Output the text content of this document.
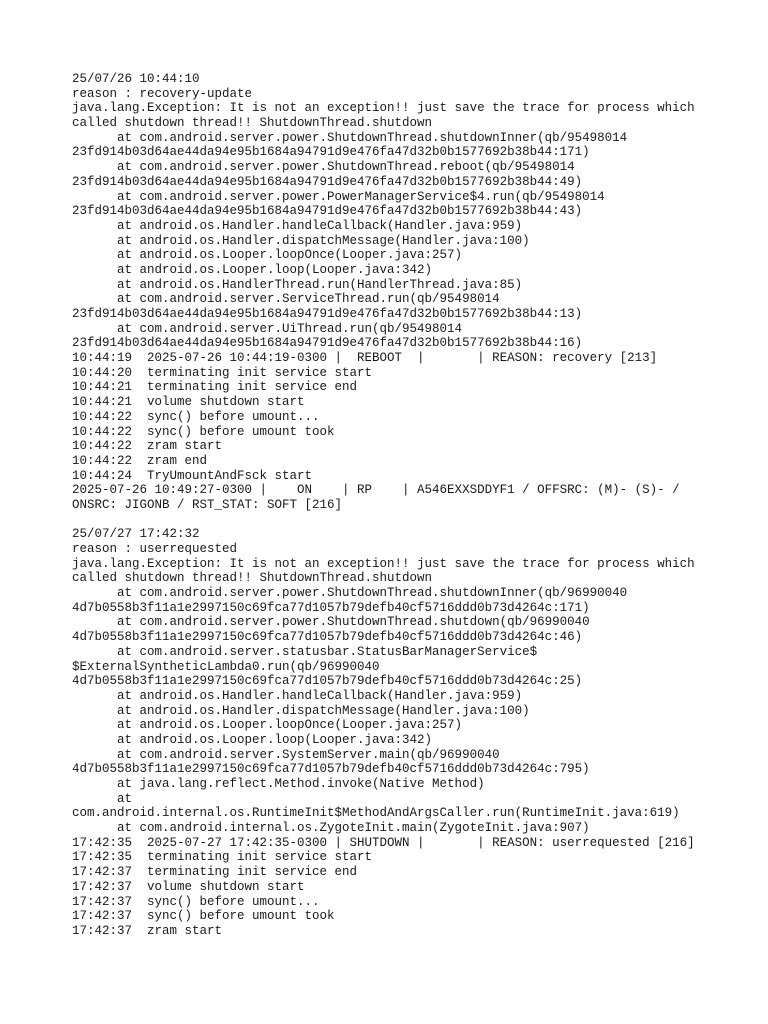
25/07/26 10:44:10
reason : recovery-update
java.lang.Exception: It is not an exception!! just save the trace for process which
called shutdown thread!! ShutdownThread.shutdown
at com.android.server.power.ShutdownThread.shutdownInner(qb/95498014
23fd914b03d64ae44da94e95b1684a94791d9e476fa47d32b0b1577692b38b44:171)
at com.android.server.power.ShutdownThread.reboot(qb/95498014
23fd914b03d64ae44da94e95b1684a94791d9e476fa47d32b0b1577692b38b44:49)
at com.android.server.power.PowerManagerService$4.run(qb/95498014
23fd914b03d64ae44da94e95b1684a94791d9e476fa47d32b0b1577692b38b44:43)
at android.os.Handler.handleCallback(Handler.java:959)
at android.os.Handler.dispatchMessage(Handler.java:100)
at android.os.Looper.loopOnce(Looper.java:257)
at android.os.Looper.loop(Looper.java:342)
at android.os.HandlerThread.run(HandlerThread.java:85)
at com.android.server.ServiceThread.run(qb/95498014
23fd914b03d64ae44da94e95b1684a94791d9e476fa47d32b0b1577692b38b44:13)
at com.android.server.UiThread.run(qb/95498014
23fd914b03d64ae44da94e95b1684a94791d9e476fa47d32b0b1577692b38b44:16)
10:44:19  2025-07-26 10:44:19-0300 |  REBOOT  |       | REASON: recovery [213]
10:44:20  terminating init service start
10:44:21  terminating init service end
10:44:21  volume shutdown start
10:44:22  sync() before umount...
10:44:22  sync() before umount took
10:44:22  zram start
10:44:22  zram end
10:44:24  TryUmountAndFsck start
2025-07-26 10:49:27-0300 |    ON    | RP    | A546EXXSDDYF1 / OFFSRC: (M)- (S)- /
ONSRC: JIGONB / RST_STAT: SOFT [216]
25/07/27 17:42:32
reason : userrequested
java.lang.Exception: It is not an exception!! just save the trace for process which
called shutdown thread!! ShutdownThread.shutdown
at com.android.server.power.ShutdownThread.shutdownInner(qb/96990040
4d7b0558b3f11a1e2997150c69fca77d1057b79defb40cf5716ddd0b73d4264c:171)
at com.android.server.power.ShutdownThread.shutdown(qb/96990040
4d7b0558b3f11a1e2997150c69fca77d1057b79defb40cf5716ddd0b73d4264c:46)
at com.android.server.statusbar.StatusBarManagerService$
$ExternalSyntheticLambda0.run(qb/96990040
4d7b0558b3f11a1e2997150c69fca77d1057b79defb40cf5716ddd0b73d4264c:25)
at android.os.Handler.handleCallback(Handler.java:959)
at android.os.Handler.dispatchMessage(Handler.java:100)
at android.os.Looper.loopOnce(Looper.java:257)
at android.os.Looper.loop(Looper.java:342)
at com.android.server.SystemServer.main(qb/96990040
4d7b0558b3f11a1e2997150c69fca77d1057b79defb40cf5716ddd0b73d4264c:795)
at java.lang.reflect.Method.invoke(Native Method)
at
com.android.internal.os.RuntimeInit$MethodAndArgsCaller.run(RuntimeInit.java:619)
at com.android.internal.os.ZygoteInit.main(ZygoteInit.java:907)
17:42:35  2025-07-27 17:42:35-0300 | SHUTDOWN |       | REASON: userrequested [216]
17:42:35  terminating init service start
17:42:37  terminating init service end
17:42:37  volume shutdown start
17:42:37  sync() before umount...
17:42:37  sync() before umount took
17:42:37  zram start
